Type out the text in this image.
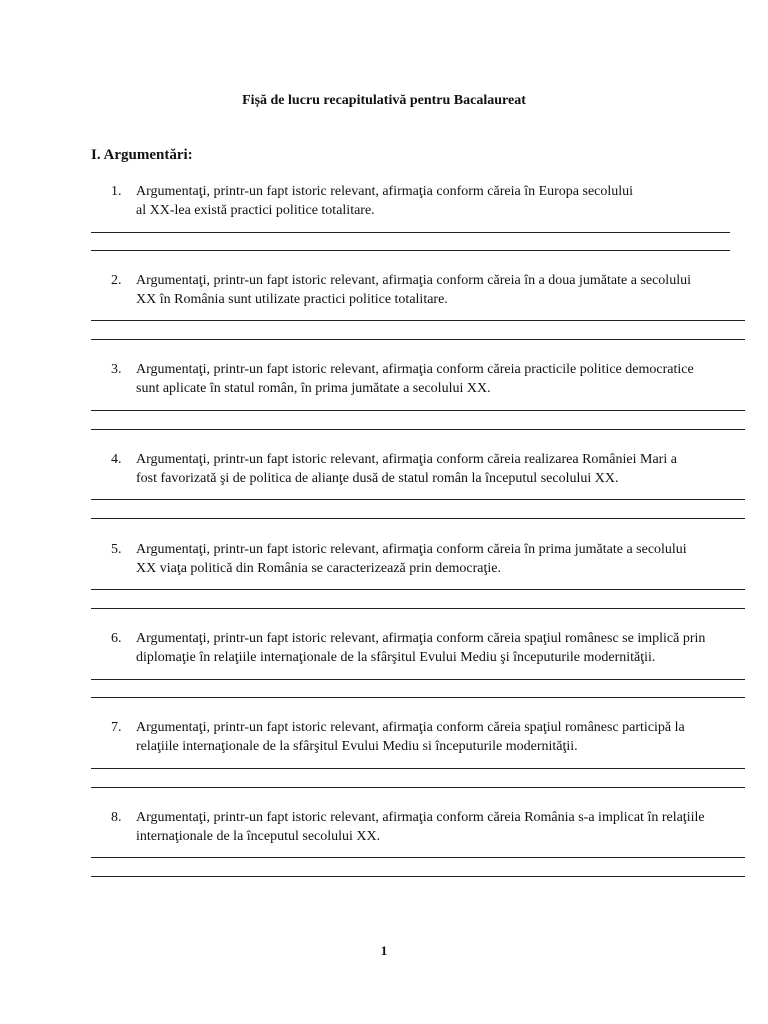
Fișă de lucru recapitulativă pentru Bacalaureat
I. Argumentări:
1. Argumentaţi, printr-un fapt istoric relevant, afirmaţia conform căreia în Europa secolului
al XX-lea există practici politice totalitare.
2. Argumentaţi, printr-un fapt istoric relevant, afirmaţia conform căreia în a doua jumătate a secolului
XX în România sunt utilizate practici politice totalitare.
3. Argumentaţi, printr-un fapt istoric relevant, afirmaţia conform căreia practicile politice democratice
sunt aplicate în statul român, în prima jumătate a secolului XX.
4. Argumentaţi, printr-un fapt istoric relevant, afirmaţia conform căreia realizarea României Mari a
fost favorizată şi de politica de alianţe dusă de statul român la începutul secolului XX.
5. Argumentaţi, printr-un fapt istoric relevant, afirmaţia conform căreia în prima jumătate a secolului
XX viaţa politică din România se caracterizează prin democraţie.
6. Argumentaţi, printr-un fapt istoric relevant, afirmaţia conform căreia spaţiul românesc se implică prin
diplomaţie în relaţiile internaţionale de la sfârşitul Evului Mediu şi începuturile modernităţii.
7. Argumentaţi, printr-un fapt istoric relevant, afirmaţia conform căreia spaţiul românesc participă la
relaţiile internaţionale de la sfârşitul Evului Mediu si începuturile modernităţii.
8. Argumentaţi, printr-un fapt istoric relevant, afirmaţia conform căreia România s-a implicat în relaţiile
internaţionale de la începutul secolului XX.
1
